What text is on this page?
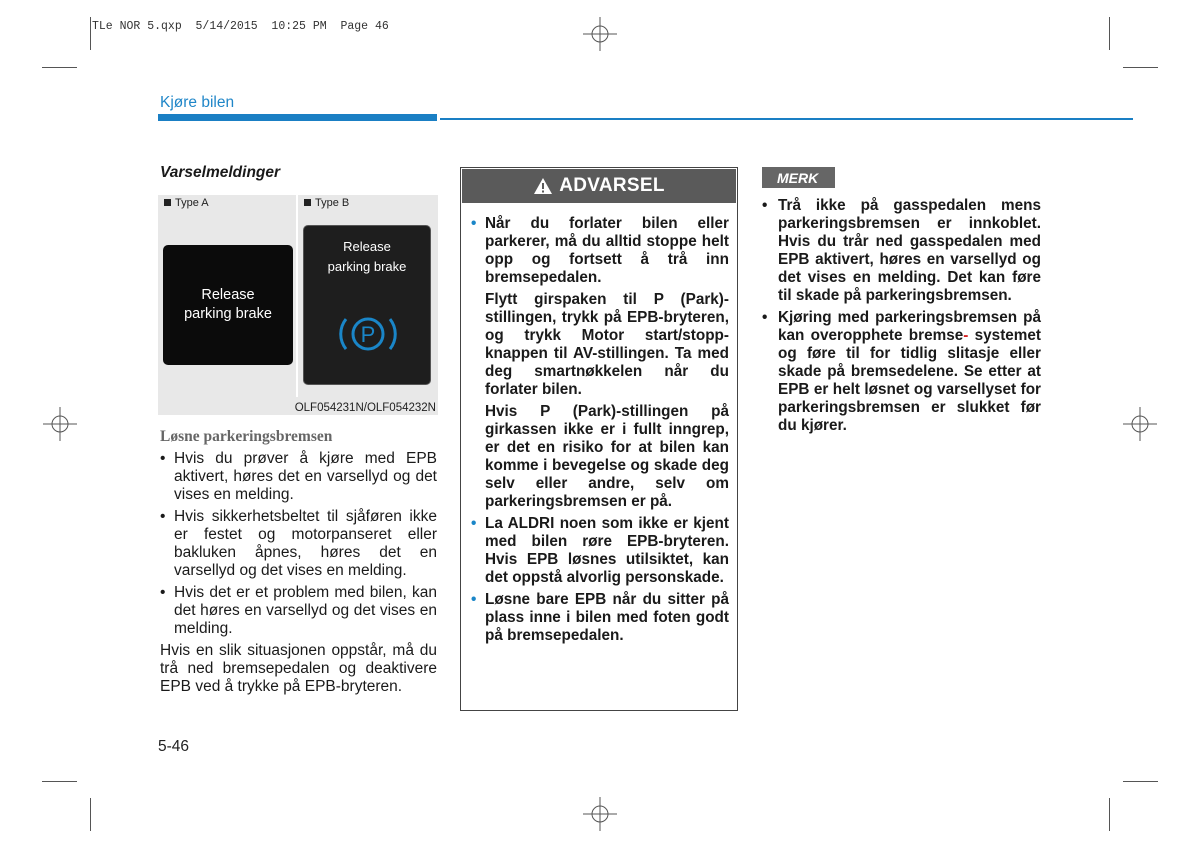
TLe NOR 5.qxp  5/14/2015  10:25 PM  Page 46
Kjøre bilen
Varselmeldinger
Type A	Type B
Release
parking brake
Release
parking brake
P
OLF054231N/OLF054232N
Løsne parkeringsbremsen
• Hvis du prøver å kjøre med EPB aktivert, høres det en varsellyd og det vises en melding.
• Hvis sikkerhetsbeltet til sjåføren ikke er festet og motorpanseret eller bakluken åpnes, høres det en varsellyd og det vises en melding.
• Hvis det er et problem med bilen, kan det høres en varsellyd og det vises en melding.
Hvis en slik situasjonen oppstår, må du trå ned bremsepedalen og deaktivere EPB ved å trykke på EPB-bryteren.
ADVARSEL
• Når du forlater bilen eller parkerer, må du alltid stoppe helt opp og fortsett å trå inn bremsepedalen.
Flytt girspaken til P (Park)-stillingen, trykk på EPB-bryteren, og trykk Motor start/stopp-knappen til AV-stillingen. Ta med deg smartnøkkelen når du forlater bilen.
Hvis P (Park)-stillingen på girkassen ikke er i fullt inngrep, er det en risiko for at bilen kan komme i bevegelse og skade deg selv eller andre, selv om parkeringsbremsen er på.
• La ALDRI noen som ikke er kjent med bilen røre EPB-bryteren. Hvis EPB løsnes utilsiktet, kan det oppstå alvorlig personskade.
• Løsne bare EPB når du sitter på plass inne i bilen med foten godt på bremsepedalen.
MERK
• Trå ikke på gasspedalen mens parkeringsbremsen er innkoblet. Hvis du trår ned gasspedalen med EPB aktivert, høres en varsellyd og det vises en melding. Det kan føre til skade på parkeringsbremsen.
• Kjøring med parkeringsbremsen på kan overopphete bremse- systemet og føre til for tidlig slitasje eller skade på bremsedelene. Se etter at EPB er helt løsnet og varsellyset for parkeringsbremsen er slukket før du kjører.
5-46
